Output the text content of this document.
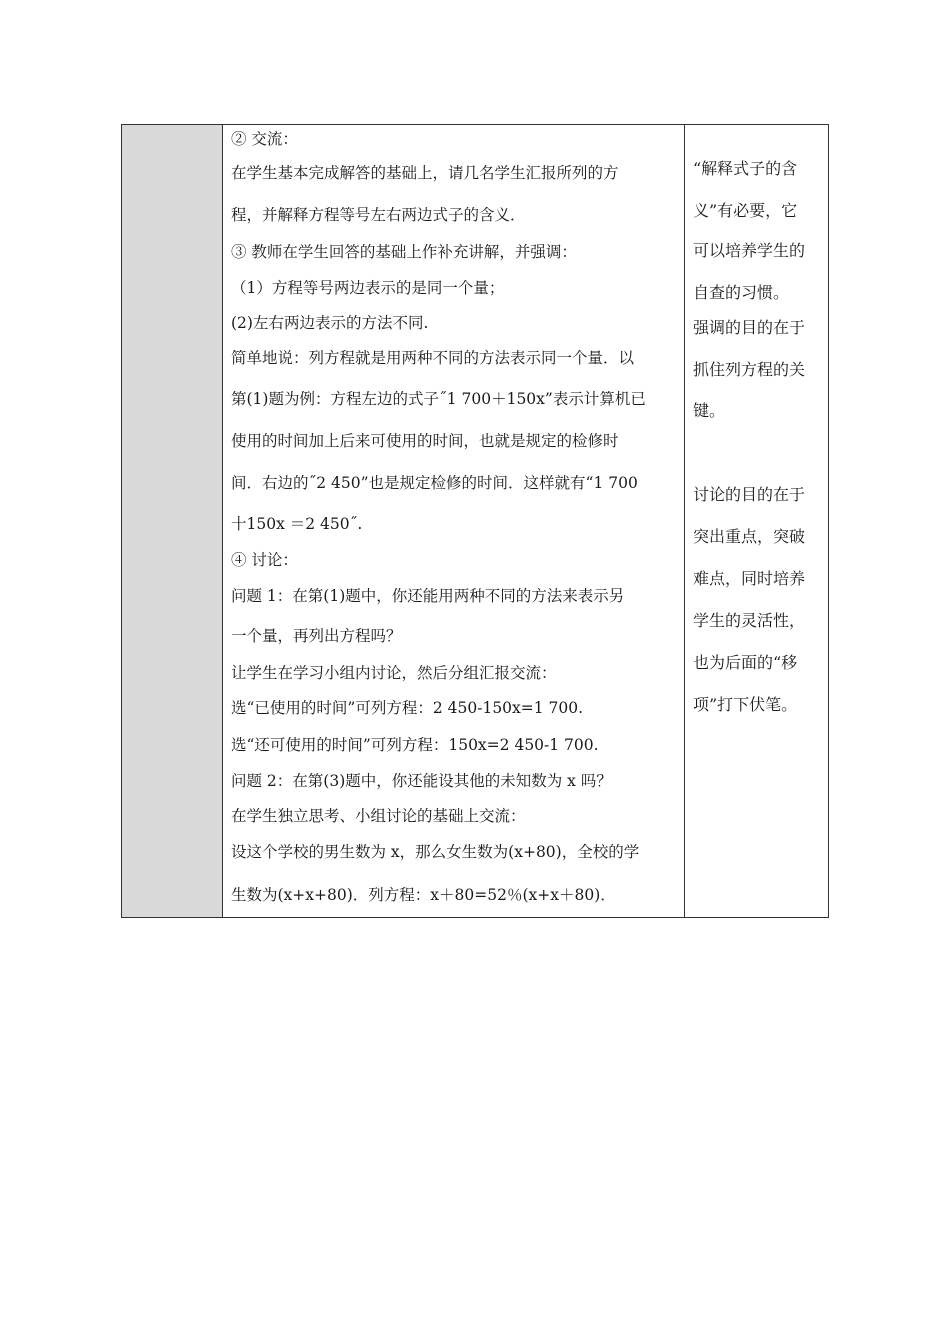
② 交流：
在学生基本完成解答的基础上，请几名学生汇报所列的方
程，并解释方程等号左右两边式子的含义．
③ 教师在学生回答的基础上作补充讲解，并强调：
（1）方程等号两边表示的是同一个量；
(2)左右两边表示的方法不同.
简单地说：列方程就是用两种不同的方法表示同一个量．以
第(1)题为例：方程左边的式子˝1 700＋150x”表示计算机已
使用的时间加上后来可使用的时间，也就是规定的检修时
间．右边的˝2 450”也是规定检修的时间．这样就有“1 700
十150x ＝2 450˝.
④ 讨论：
问题 1：在第(1)题中，你还能用两种不同的方法来表示另
一个量，再列出方程吗？
让学生在学习小组内讨论，然后分组汇报交流：
选“已使用的时间”可列方程：2 450-150x=1 700.
选“还可使用的时间”可列方程：150x=2 450-1 700.
问题 2：在第(3)题中，你还能设其他的未知数为 x 吗？
在学生独立思考、小组讨论的基础上交流：
设这个学校的男生数为 x，那么女生数为(x+80)，全校的学
生数为(x+x+80)．列方程：x＋80=52％(x+x＋80)．
“解释式子的含
义”有必要，它
可以培养学生的
自查的习惯。
强调的目的在于
抓住列方程的关
键。
讨论的目的在于
突出重点，突破
难点，同时培养
学生的灵活性，
也为后面的“移
项”打下伏笔。
